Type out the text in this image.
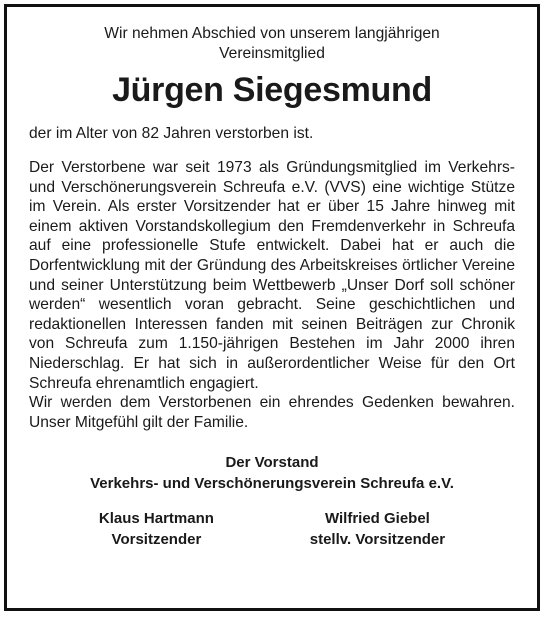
Wir nehmen Abschied von unserem langjährigen
Vereinsmitglied
Jürgen Siegesmund
der im Alter von 82 Jahren verstorben ist.

Der Verstorbene war seit 1973 als Gründungsmitglied im Verkehrs- und Verschönerungsverein Schreufa e.V. (VVS) eine wichtige Stütze im Verein. Als erster Vorsitzender hat er über 15 Jahre hinweg mit einem aktiven Vorstandskollegium den Fremdenverkehr in Schreufa auf eine professionelle Stufe entwickelt. Dabei hat er auch die Dorfentwicklung mit der Gründung des Arbeitskreises örtlicher Vereine und seiner Unterstützung beim Wettbewerb „Unser Dorf soll schöner werden“ wesentlich voran gebracht. Seine geschichtlichen und redaktionellen Interessen fanden mit seinen Beiträgen zur Chronik von Schreufa zum 1.150-jährigen Bestehen im Jahr 2000 ihren Niederschlag. Er hat sich in außerordentlicher Weise für den Ort Schreufa ehrenamtlich engagiert.

Wir werden dem Verstorbenen ein ehrendes Gedenken bewahren. Unser Mitgefühl gilt der Familie.

Der Vorstand
Verkehrs- und Verschönerungsverein Schreufa e.V.
Klaus Hartmann
Vorsitzender
Wilfried Giebel
stellv. Vorsitzender
